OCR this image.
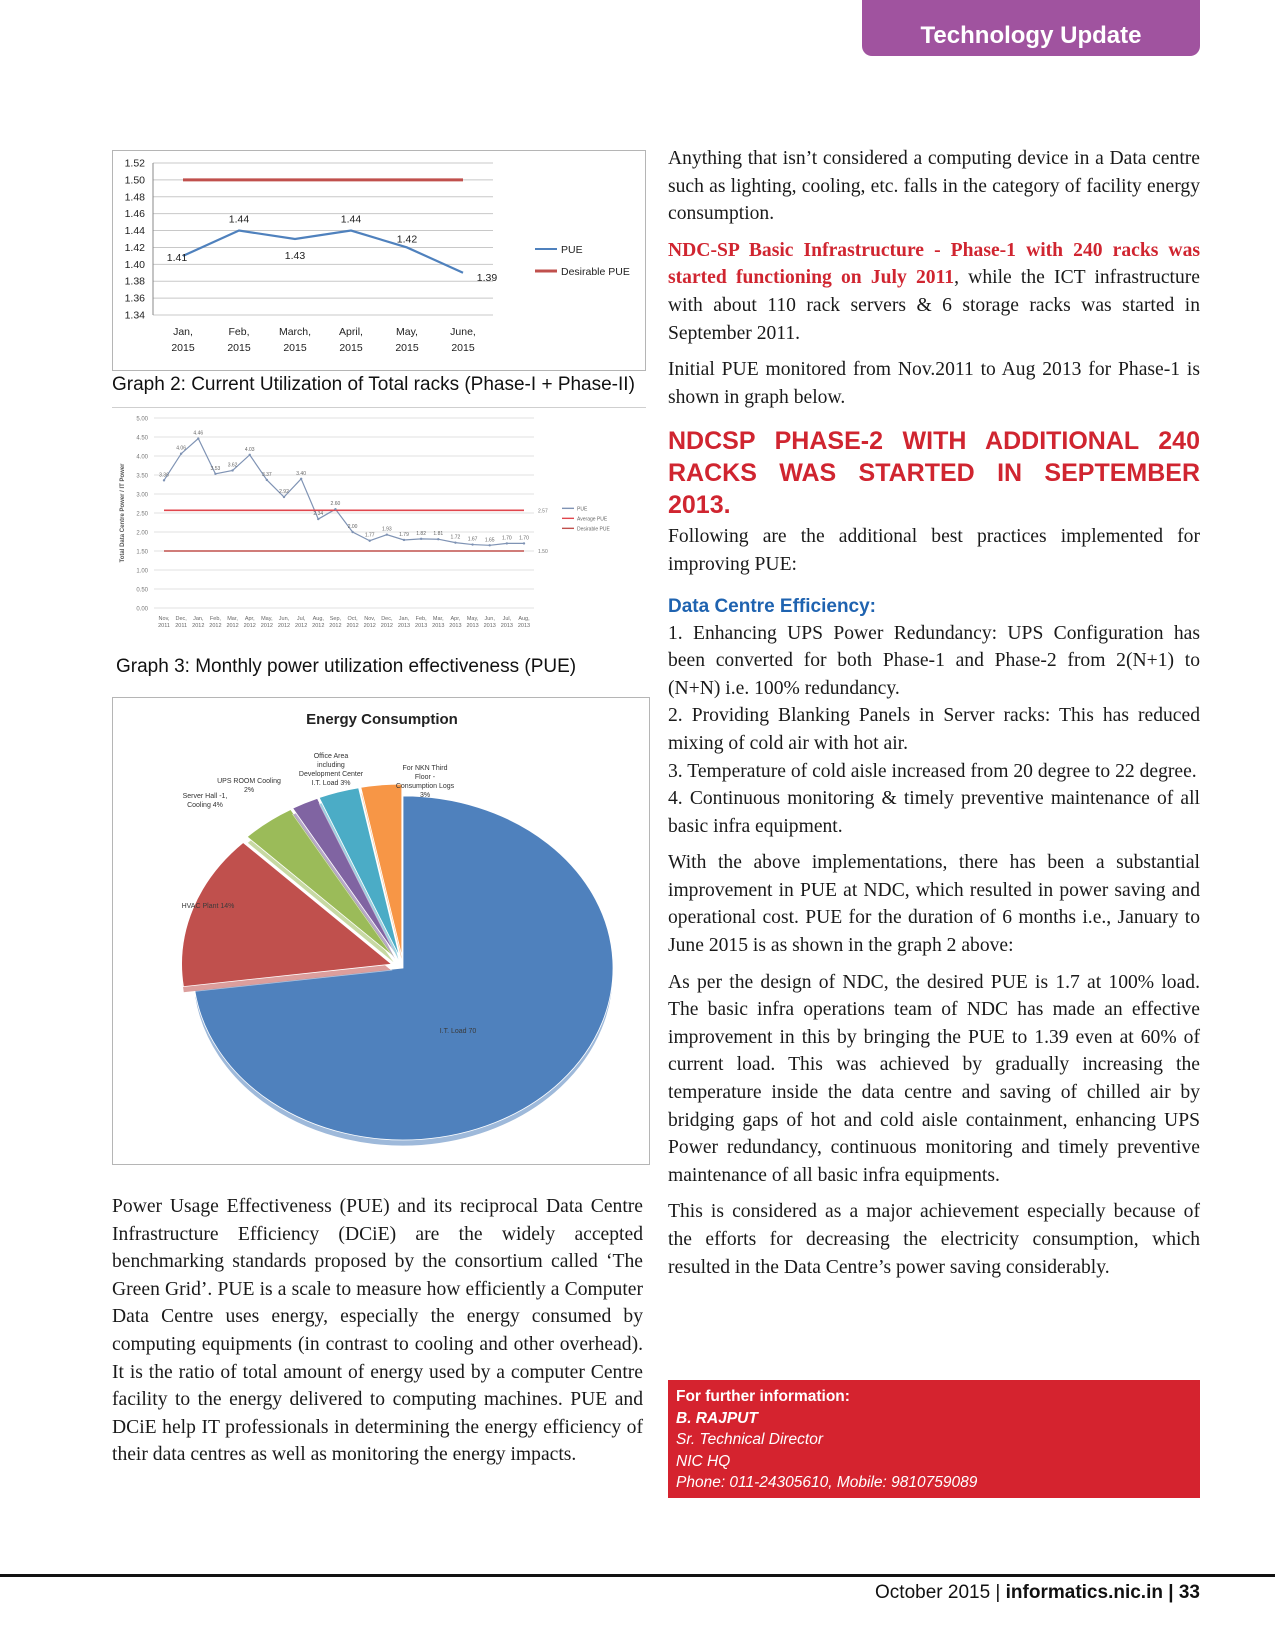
Technology Update
1.52
1.50
1.48
1.46
1.44
1.42
1.40
1.38
1.36
1.34
Jan,
2015
Feb,
2015
March,
2015
April,
2015
May,
2015
June,
2015
1.41
1.44
1.43
1.44
1.42
1.39
PUE
Desirable PUE
Graph 2: Current Utilization of Total racks (Phase-I + Phase-II)
5.00
4.50
4.00
3.50
3.00
2.50
2.00
1.50
1.00
0.50
0.00
Total Data Centre Power / IT Power
Nov,
2011
Dec,
2011
Jan,
2012
Feb,
2012
Mar,
2012
Apr,
2012
May,
2012
Jun,
2012
Jul,
2012
Aug,
2012
Sep,
2012
Oct,
2012
Nov,
2012
Dec,
2012
Jan,
2013
Feb,
2013
Mar,
2013
Apr,
2013
May,
2013
Jun,
2013
Jul,
2013
Aug,
2013
3.36
4.06
4.46
3.53
3.62
4.03
3.37
2.92
3.40
2.34
2.60
2.00
1.77
1.93
1.79 1.82 1.81
1.72 1.67 1.65 1.70 1.70
2.57
1.50
PUE
Average PUE
Desirable PUE
Graph 3: Monthly power utilization effectiveness (PUE)
Energy Consumption
I.T. Load 70
HVAC Plant 14%
Server Hall -1,
Cooling 4%
UPS ROOM Cooling
2%
Office Area
including
Development Center
I.T. Load 3%
For NKN Third
Floor -
Consumption Logs
3%

Power Usage Effectiveness (PUE) and its reciprocal Data Centre Infrastructure Efficiency (DCiE) are the widely accepted benchmarking standards proposed by the consortium called ‘The Green Grid’. PUE is a scale to measure how efficiently a Computer Data Centre uses energy, especially the energy consumed by computing equipments (in contrast to cooling and other overhead). It is the ratio of total amount of energy used by a computer Centre facility to the energy delivered to computing machines. PUE and DCiE help IT professionals in determining the energy efficiency of their data centres as well as monitoring the energy impacts.

Anything that isn’t considered a computing device in a Data centre such as lighting, cooling, etc. falls in the category of facility energy consumption.

NDC-SP Basic Infrastructure - Phase-1 with 240 racks was started functioning on July 2011, while the ICT infrastructure with about 110 rack servers & 6 storage racks was started in September 2011.

Initial PUE monitored from Nov.2011 to Aug 2013 for Phase-1 is shown in graph below.

NDCSP PHASE-2 WITH ADDITIONAL 240 RACKS WAS STARTED IN SEPTEMBER 2013.

Following are the additional best practices implemented for improving PUE:

Data Centre Efficiency:
1. Enhancing UPS Power Redundancy: UPS Configuration has been converted for both Phase-1 and Phase-2 from 2(N+1) to (N+N) i.e. 100% redundancy.
2. Providing Blanking Panels in Server racks: This has reduced mixing of cold air with hot air.
3. Temperature of cold aisle increased from 20 degree to 22 degree.
4. Continuous monitoring & timely preventive maintenance of all basic infra equipment.

With the above implementations, there has been a substantial improvement in PUE at NDC, which resulted in power saving and operational cost. PUE for the duration of 6 months i.e., January to June 2015 is as shown in the graph 2 above:

As per the design of NDC, the desired PUE is 1.7 at 100% load. The basic infra operations team of NDC has made an effective improvement in this by bringing the PUE to 1.39 even at 60% of current load. This was achieved by gradually increasing the temperature inside the data centre and saving of chilled air by bridging gaps of hot and cold aisle containment, enhancing UPS Power redundancy, continuous monitoring and timely preventive maintenance of all basic infra equipments.

This is considered as a major achievement especially because of the efforts for decreasing the electricity consumption, which resulted in the Data Centre’s power saving considerably.

For further information:
B. RAJPUT
Sr. Technical Director
NIC HQ
Phone: 011-24305610, Mobile: 9810759089
October 2015 | informatics.nic.in | 33
